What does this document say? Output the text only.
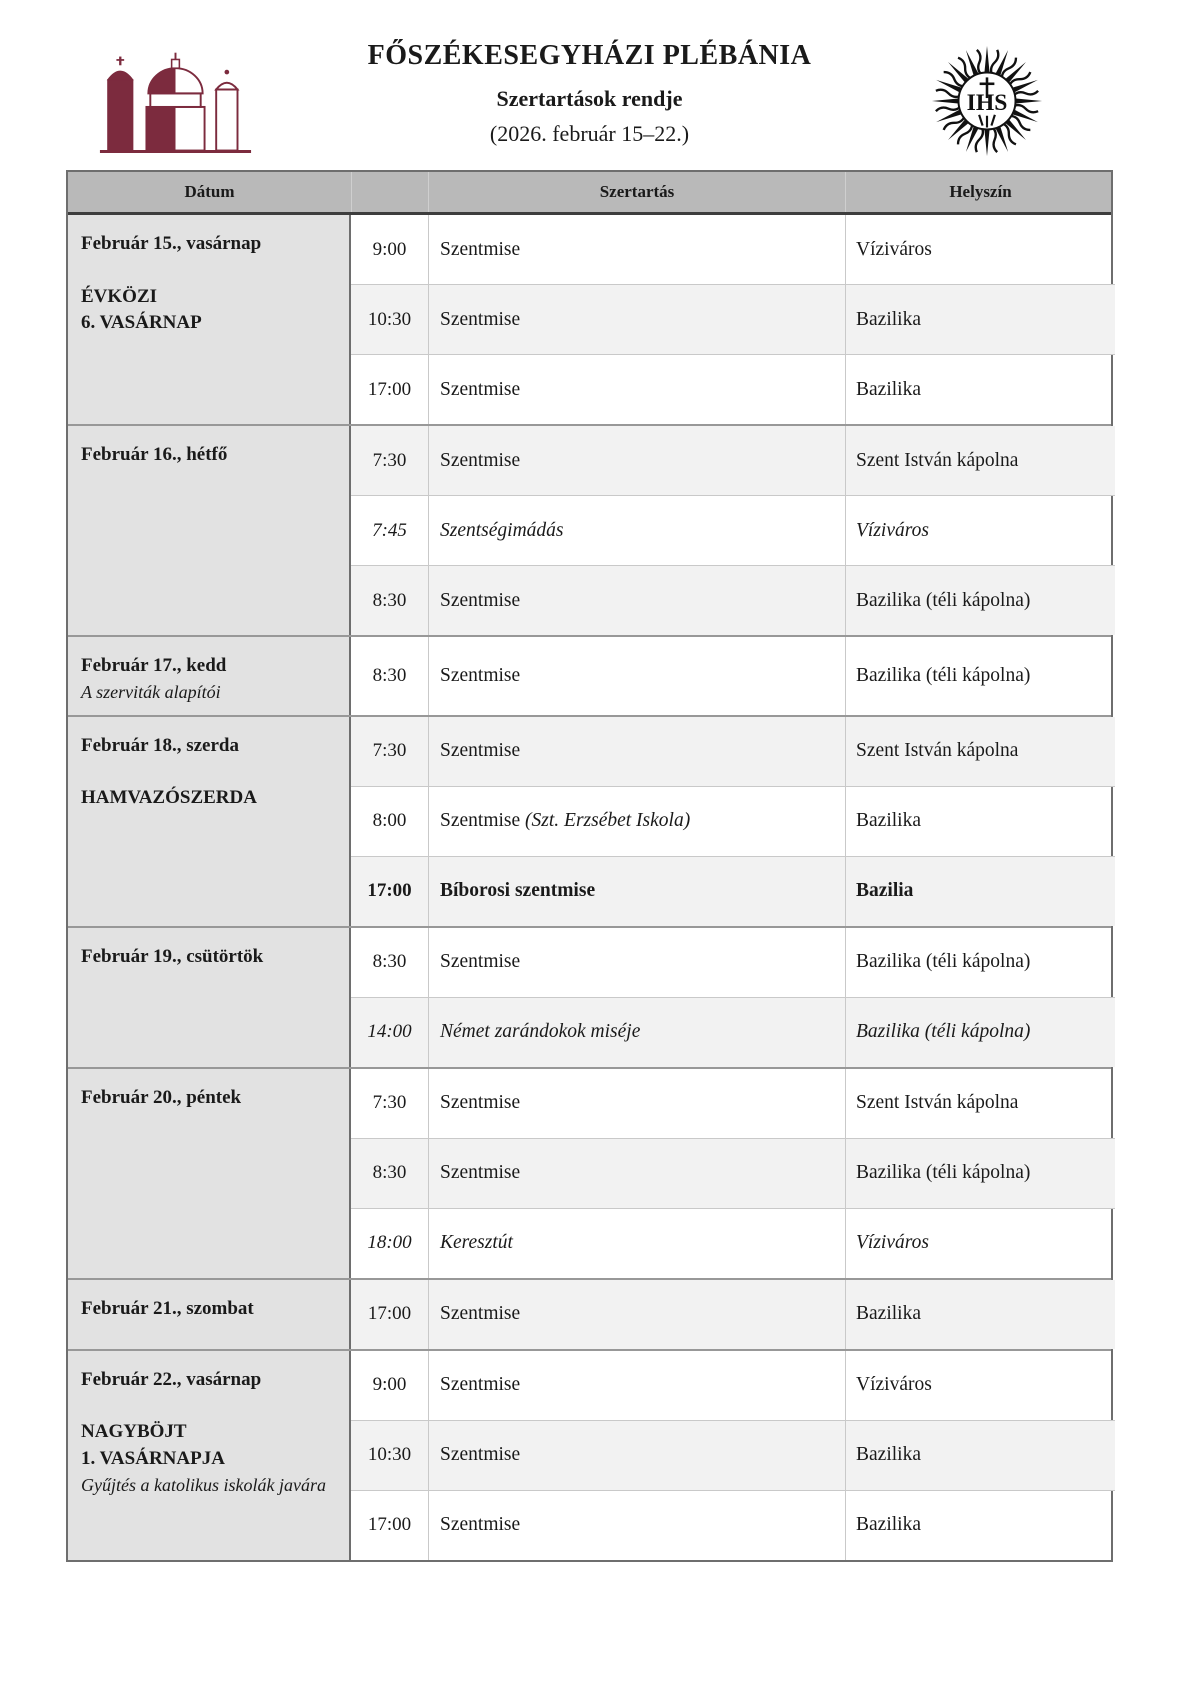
FŐSZÉKESEGYHÁZI PLÉBÁNIA
Szertartások rendje
(2026. február 15–22.)
IHS
Dátum	Szertartás	Helyszín
Február 15., vasárnap
ÉVKÖZI
6. VASÁRNAP
9:00	Szentmise	Víziváros
10:30	Szentmise	Bazilika
17:00	Szentmise	Bazilika
Február 16., hétfő	7:30	Szentmise	Szent István kápolna
7:45	Szentségimádás	Víziváros
8:30	Szentmise	Bazilika (téli kápolna)
Február 17., kedd
A szerviták alapítói
8:30	Szentmise	Bazilika (téli kápolna)
Február 18., szerda
HAMVAZÓSZERDA
7:30	Szentmise	Szent István kápolna
8:00	Szentmise (Szt. Erzsébet Iskola)	Bazilika
17:00	Bíborosi szentmise	Bazilia
Február 19., csütörtök	8:30	Szentmise	Bazilika (téli kápolna)
14:00	Német zarándokok miséje	Bazilika (téli kápolna)
Február 20., péntek	7:30	Szentmise	Szent István kápolna
8:30	Szentmise	Bazilika (téli kápolna)
18:00	Keresztút	Víziváros
Február 21., szombat	17:00	Szentmise	Bazilika
Február 22., vasárnap
NAGYBÖJT
1. VASÁRNAPJA
Gyűjtés a katolikus iskolák javára
9:00	Szentmise	Víziváros
10:30	Szentmise	Bazilika
17:00	Szentmise	Bazilika
